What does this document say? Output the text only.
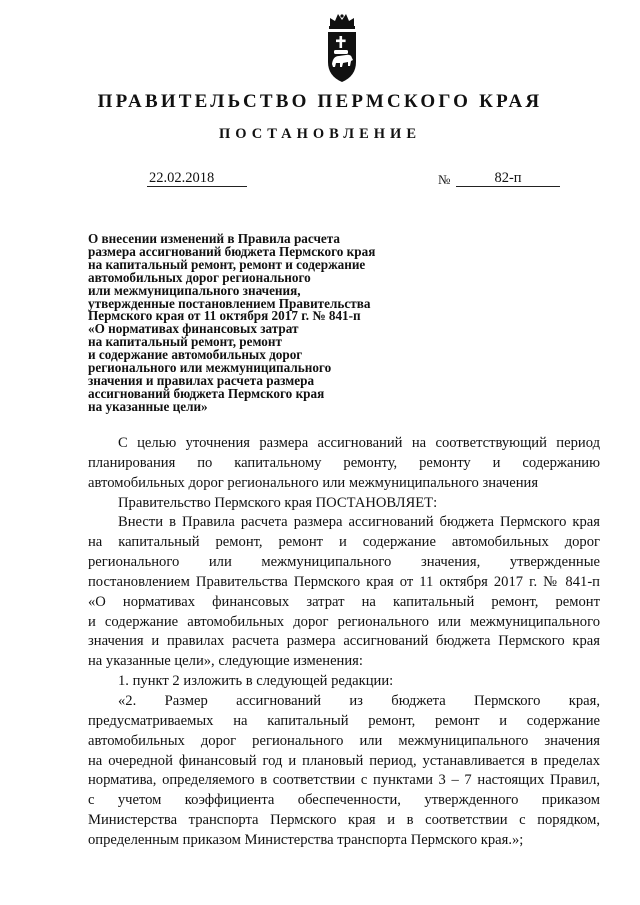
ПРАВИТЕЛЬСТВО ПЕРМСКОГО КРАЯ
ПОСТАНОВЛЕНИЕ
22.02.2018	№	82-п
О внесении изменений в Правила расчета
размера ассигнований бюджета Пермского края
на капитальный ремонт, ремонт и содержание
автомобильных дорог регионального
или межмуниципального значения,
утвержденные постановлением Правительства
Пермского края от 11 октября 2017 г. № 841-п
«О нормативах финансовых затрат
на капитальный ремонт, ремонт
и содержание автомобильных дорог
регионального или межмуниципального
значения и правилах расчета размера
ассигнований бюджета Пермского края
на указанные цели»
С целью уточнения размера ассигнований на соответствующий период
планирования по капитальному ремонту, ремонту и содержанию
автомобильных дорог регионального или межмуниципального значения
Правительство Пермского края ПОСТАНОВЛЯЕТ:
Внести в Правила расчета размера ассигнований бюджета Пермского края
на капитальный ремонт, ремонт и содержание автомобильных дорог
регионального или межмуниципального значения, утвержденные
постановлением Правительства Пермского края от 11 октября 2017 г. № 841-п
«О нормативах финансовых затрат на капитальный ремонт, ремонт
и содержание автомобильных дорог регионального или межмуниципального
значения и правилах расчета размера ассигнований бюджета Пермского края
на указанные цели», следующие изменения:
1. пункт 2 изложить в следующей редакции:
«2. Размер ассигнований из бюджета Пермского края,
предусматриваемых на капитальный ремонт, ремонт и содержание
автомобильных дорог регионального или межмуниципального значения
на очередной финансовый год и плановый период, устанавливается в пределах
норматива, определяемого в соответствии с пунктами 3 – 7 настоящих Правил,
с учетом коэффициента обеспеченности, утвержденного приказом
Министерства транспорта Пермского края и в соответствии с порядком,
определенным приказом Министерства транспорта Пермского края.»;
